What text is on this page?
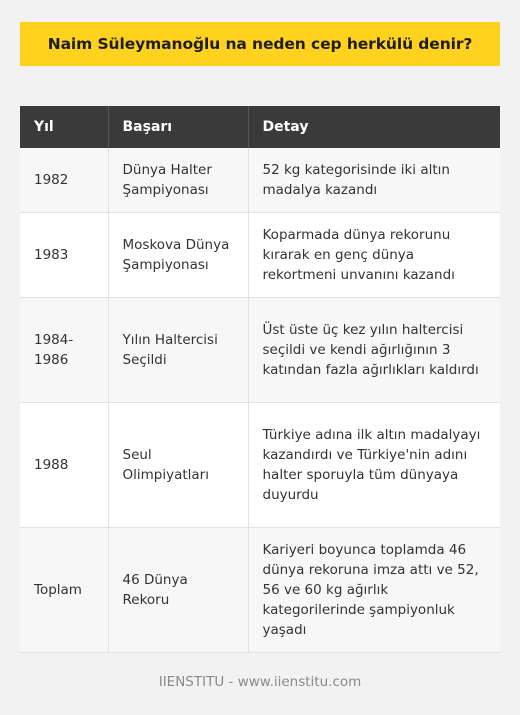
Naim Süleymanoğlu na neden cep herkülü denir?
Yıl	Başarı	Detay
1982	Dünya Halter Şampiyonası	52 kg kategorisinde iki altın madalya kazandı
1983	Moskova Dünya Şampiyonası	Koparmada dünya rekorunu kırarak en genç dünya rekortmeni unvanını kazandı
1984-1986	Yılın Haltercisi Seçildi	Üst üste üç kez yılın haltercisi seçildi ve kendi ağırlığının 3 katından fazla ağırlıkları kaldırdı
1988	Seul Olimpiyatları	Türkiye adına ilk altın madalyayı kazandırdı ve Türkiye'nin adını halter sporuyla tüm dünyaya duyurdu
Toplam	46 Dünya Rekoru	Kariyeri boyunca toplamda 46 dünya rekoruna imza attı ve 52, 56 ve 60 kg ağırlık kategorilerinde şampiyonluk yaşadı
IIENSTITU - www.iienstitu.com
